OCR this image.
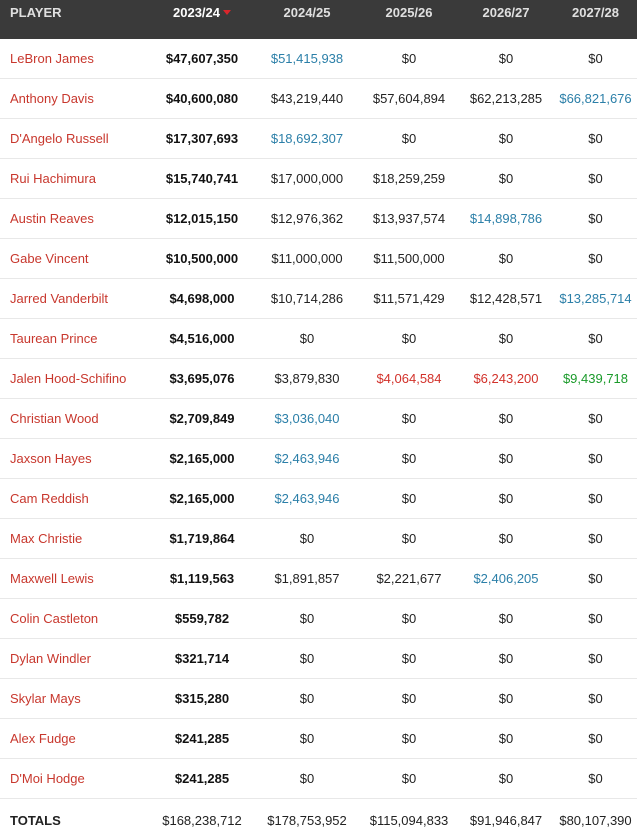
PLAYER	2023/24	2024/25	2025/26	2026/27	2027/28
LeBron James	$47,607,350	$51,415,938	$0	$0	$0
Anthony Davis	$40,600,080	$43,219,440	$57,604,894	$62,213,285	$66,821,676
D'Angelo Russell	$17,307,693	$18,692,307	$0	$0	$0
Rui Hachimura	$15,740,741	$17,000,000	$18,259,259	$0	$0
Austin Reaves	$12,015,150	$12,976,362	$13,937,574	$14,898,786	$0
Gabe Vincent	$10,500,000	$11,000,000	$11,500,000	$0	$0
Jarred Vanderbilt	$4,698,000	$10,714,286	$11,571,429	$12,428,571	$13,285,714
Taurean Prince	$4,516,000	$0	$0	$0	$0
Jalen Hood-Schifino	$3,695,076	$3,879,830	$4,064,584	$6,243,200	$9,439,718
Christian Wood	$2,709,849	$3,036,040	$0	$0	$0
Jaxson Hayes	$2,165,000	$2,463,946	$0	$0	$0
Cam Reddish	$2,165,000	$2,463,946	$0	$0	$0
Max Christie	$1,719,864	$0	$0	$0	$0
Maxwell Lewis	$1,119,563	$1,891,857	$2,221,677	$2,406,205	$0
Colin Castleton	$559,782	$0	$0	$0	$0
Dylan Windler	$321,714	$0	$0	$0	$0
Skylar Mays	$315,280	$0	$0	$0	$0
Alex Fudge	$241,285	$0	$0	$0	$0
D'Moi Hodge	$241,285	$0	$0	$0	$0
TOTALS	$168,238,712	$178,753,952	$115,094,833	$91,946,847	$80,107,390
